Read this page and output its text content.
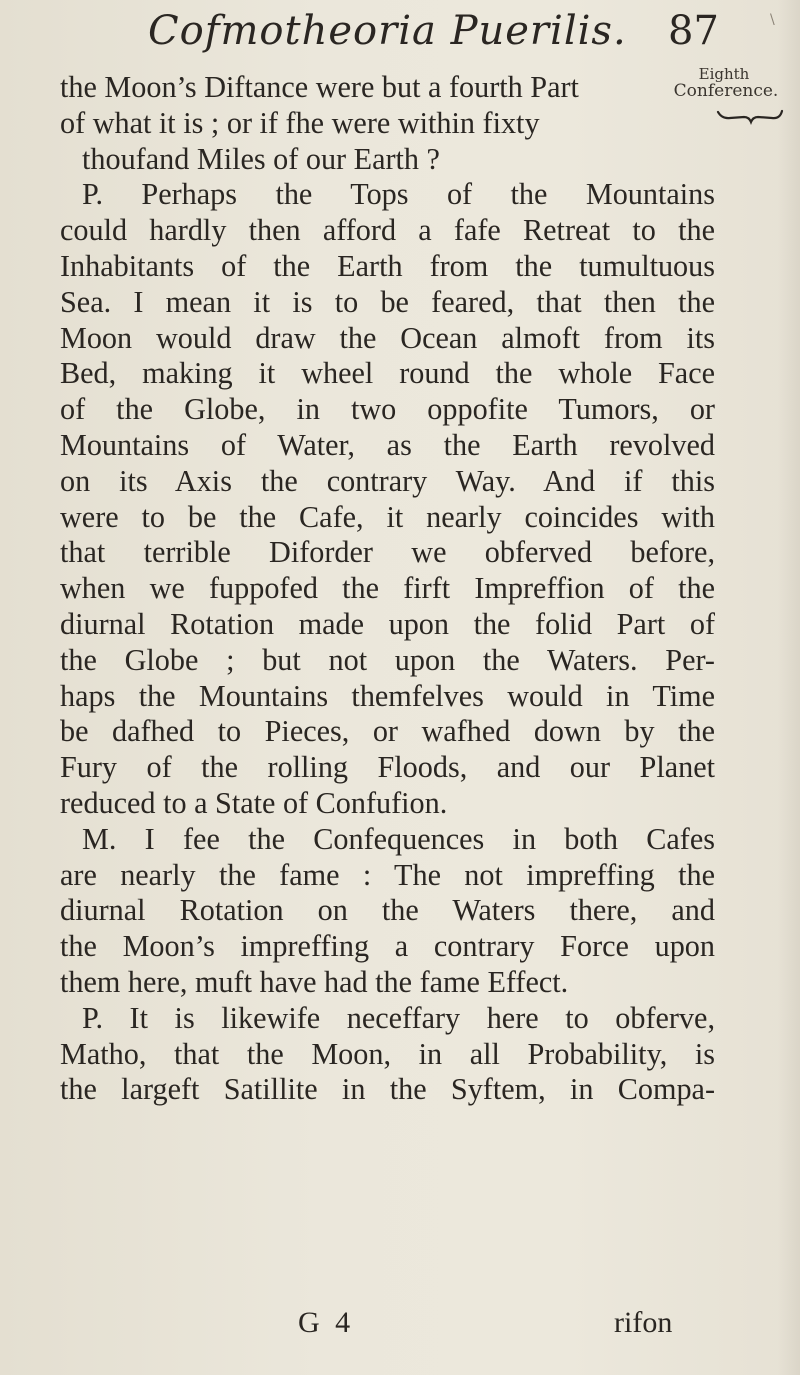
\
Cofmotheoria Puerilis. 87
Eighth
Conference.
the Moon’s Diftance were but a fourth Part
of what it is ; or if fhe were within fixty
thoufand Miles of our Earth ?
P. Perhaps the Tops of the Mountains
could hardly then afford a fafe Retreat to the
Inhabitants of the Earth from the tumultuous
Sea. I mean it is to be feared, that then the
Moon would draw the Ocean almoft from its
Bed, making it wheel round the whole Face
of the Globe, in two oppofite Tumors, or
Mountains of Water, as the Earth revolved
on its Axis the contrary Way. And if this
were to be the Cafe, it nearly coincides with
that terrible Diforder we obferved before,
when we fuppofed the firft Impreffion of the
diurnal Rotation made upon the folid Part of
the Globe ; but not upon the Waters. Per-
haps the Mountains themfelves would in Time
be dafhed to Pieces, or wafhed down by the
Fury of the rolling Floods, and our Planet
reduced to a State of Confufion.
M. I fee the Confequences in both Cafes
are nearly the fame : The not impreffing the
diurnal Rotation on the Waters there, and
the Moon’s impreffing a contrary Force upon
them here, muft have had the fame Effect.
P. It is likewife neceffary here to obferve,
Matho, that the Moon, in all Probability, is
the largeft Satillite in the Syftem, in Compa-
G 4	rifon
